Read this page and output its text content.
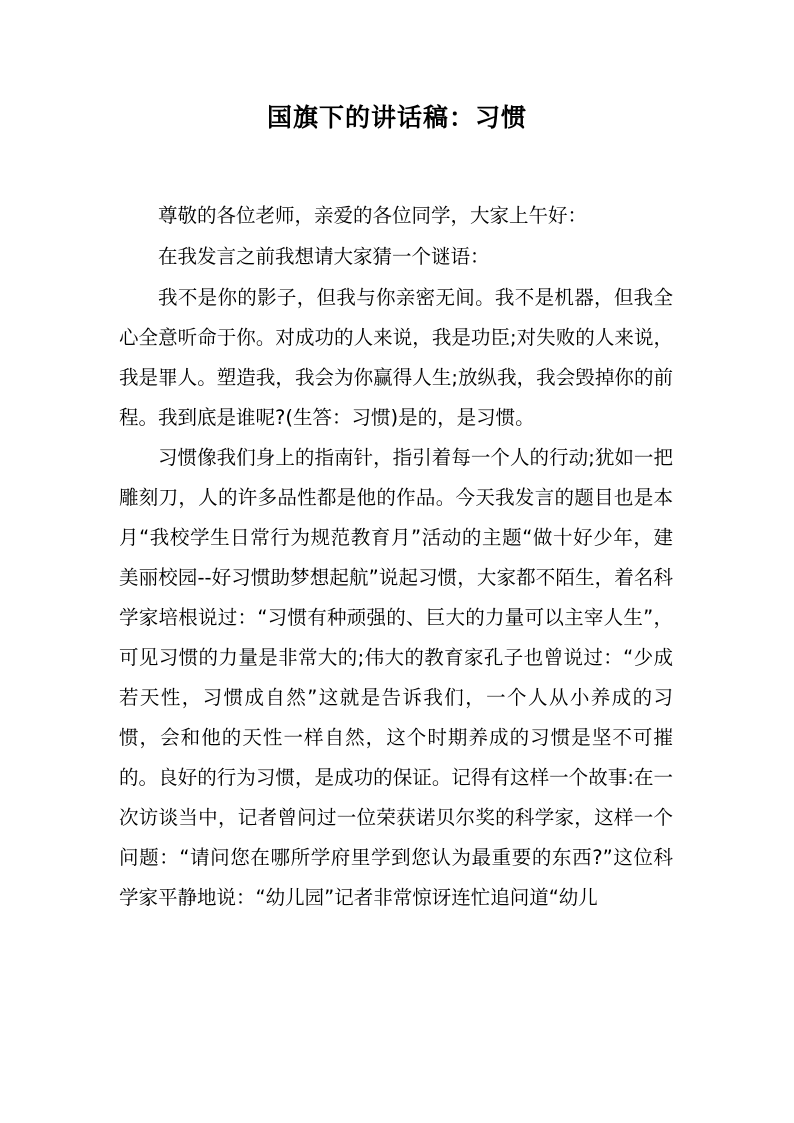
国旗下的讲话稿：习惯

尊敬的各位老师，亲爱的各位同学，大家上午好：

在我发言之前我想请大家猜一个谜语：

我不是你的影子，但我与你亲密无间。我不是机器，但我全心全意听命于你。对成功的人来说，我是功臣;对失败的人来说，我是罪人。塑造我，我会为你赢得人生;放纵我，我会毁掉你的前程。我到底是谁呢?(生答：习惯)是的，是习惯。

习惯像我们身上的指南针，指引着每一个人的行动;犹如一把雕刻刀，人的许多品性都是他的作品。今天我发言的题目也是本月“我校学生日常行为规范教育月”活动的主题“做十好少年，建美丽校园--好习惯助梦想起航”说起习惯，大家都不陌生，着名科学家培根说过：“习惯有种顽强的、巨大的力量可以主宰人生”，可见习惯的力量是非常大的;伟大的教育家孔子也曾说过：“少成若天性，习惯成自然”这就是告诉我们，一个人从小养成的习惯，会和他的天性一样自然，这个时期养成的习惯是坚不可摧的。良好的行为习惯，是成功的保证。记得有这样一个故事:在一次访谈当中，记者曾问过一位荣获诺贝尔奖的科学家，这样一个问题：“请问您在哪所学府里学到您认为最重要的东西?”这位科学家平静地说：“幼儿园”记者非常惊讶连忙追问道“幼儿
